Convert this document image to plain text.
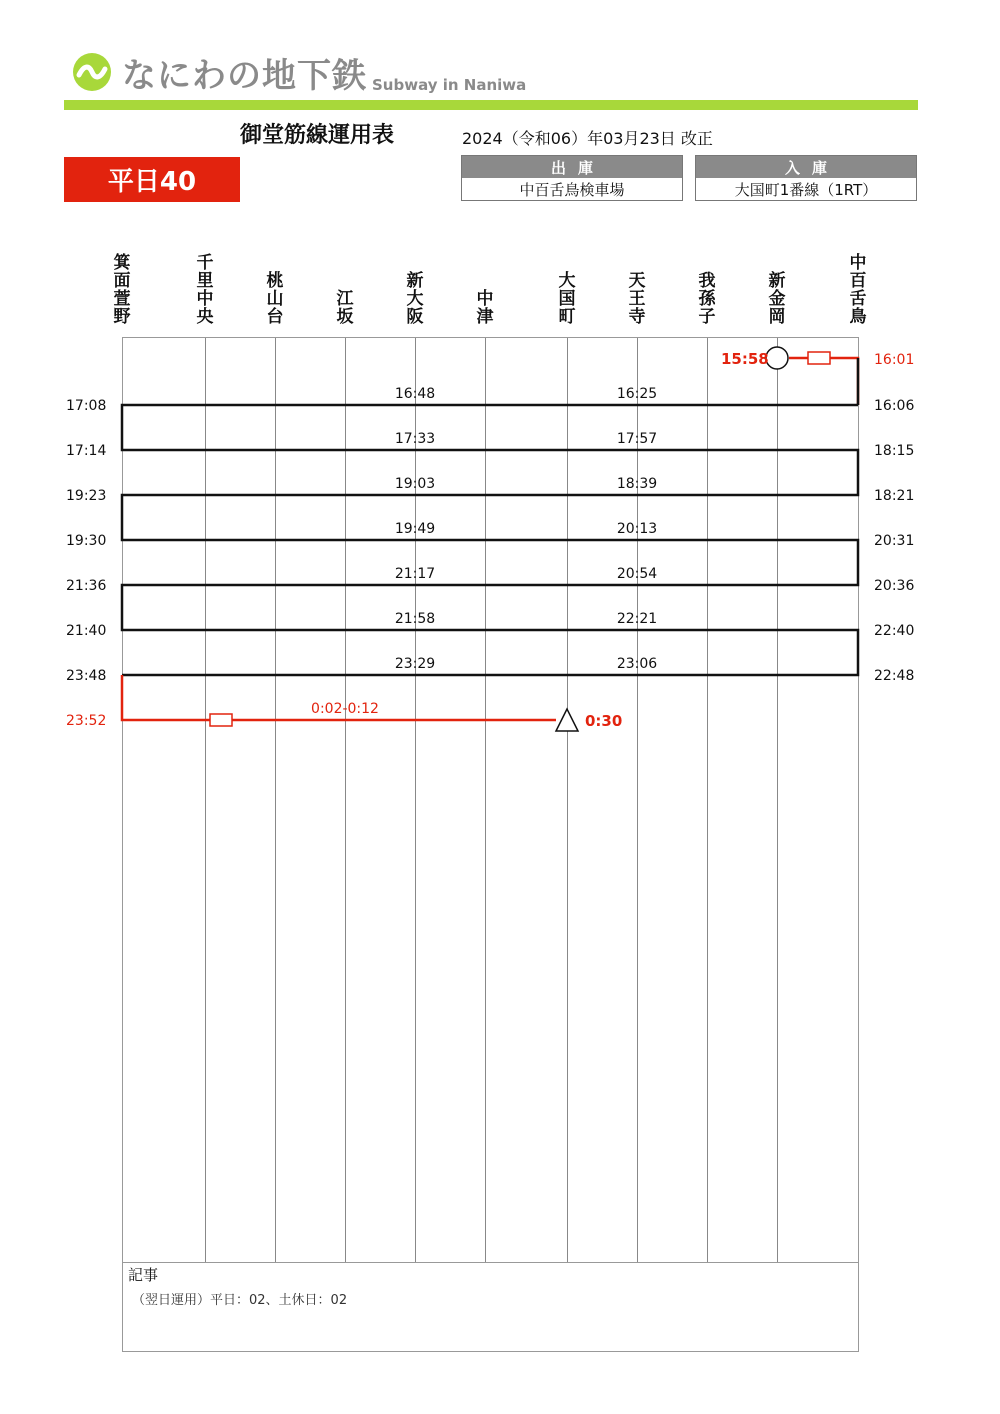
なにわの地下鉄 Subway in Naniwa
御堂筋線運用表	2024（令和06）年03月23日 改正
平日40	出庫
中百舌鳥検車場
入庫
大国町1番線（1RT）
箕
面
萱
野
千
里
中
央
桃
山
台
江
坂
新
大
阪
中
津
大
国
町
天
王
寺
我
孫
子
新
金
岡
中
百
舌
鳥
15:58	16:01
17:08	16:06
16:48	16:25
17:14	18:15
17:33	17:57
19:23	18:21
19:03	18:39
19:30	20:31
19:49	20:13
21:36	20:36
21:17	20:54
21:40	22:40
21:58	22:21
23:48	22:48
23:29	23:06
23:52
0:02-0:12
0:30
記事
（翌日運用）平日：02、土休日：02
